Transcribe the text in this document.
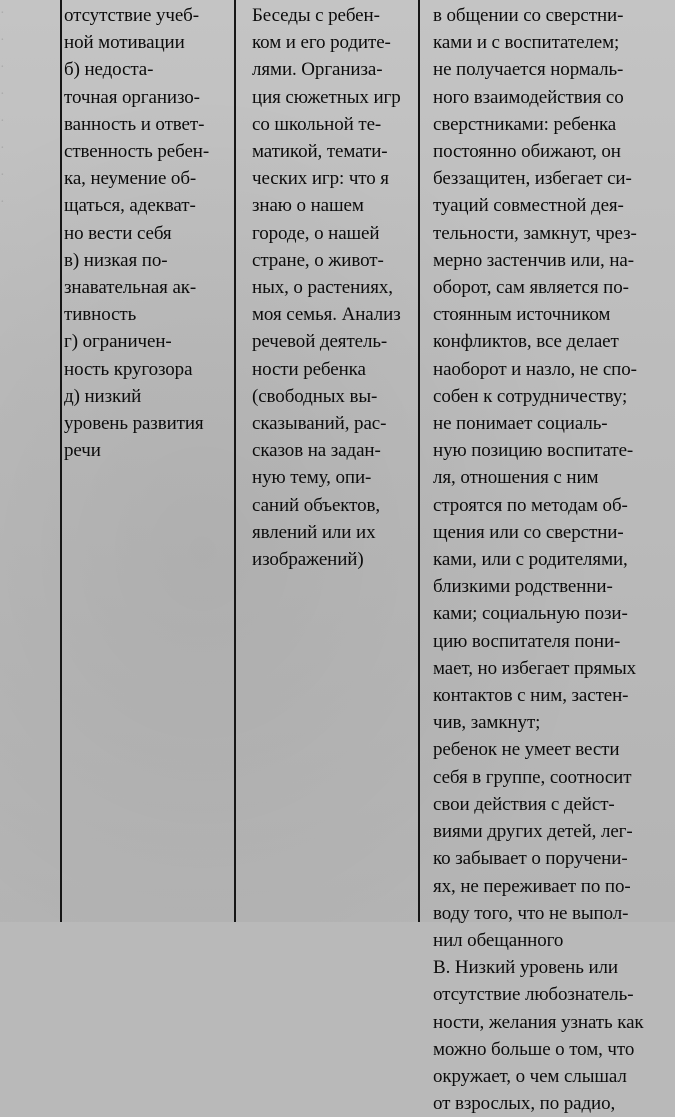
·
·
·
·
·
·
·
·

отсутствие учеб-

ной мотивации

б) недоста-

точная организо-

ванность и ответ-

ственность ребен-

ка, неумение об-

щаться, адекват-

но вести себя

в) низкая по-

знавательная ак-

тивность

г) ограничен-

ность кругозора

д) низкий

уровень развития

речи

Беседы с ребен-

ком и его родите-

лями. Организа-

ция сюжетных игр

со школьной те-

матикой, темати-

ческих игр: что я

знаю о нашем

городе, о нашей

стране, о живот-

ных, о растениях,

моя семья. Анализ

речевой деятель-

ности ребенка

(свободных вы-

сказываний, рас-

сказов на задан-

ную тему, опи-

саний объектов,

явлений или их

изображений)

в общении со сверстни-

ками и с воспитателем;

не получается нормаль-

ного взаимодействия со

сверстниками: ребенка

постоянно обижают, он

беззащитен, избегает си-

туаций совместной дея-

тельности, замкнут, чрез-

мерно застенчив или, на-

оборот, сам является по-

стоянным источником

конфликтов, все делает

наоборот и назло, не спо-

собен к сотрудничеству;

не понимает социаль-

ную позицию воспитате-

ля, отношения с ним

строятся по методам об-

щения или со сверстни-

ками, или с родителями,

близкими родственни-

ками; социальную пози-

цию воспитателя пони-

мает, но избегает прямых

контактов с ним, застен-

чив, замкнут;

ребенок не умеет вести

себя в группе, соотносит

свои действия с дейст-

виями других детей, лег-

ко забывает о поручени-

ях, не переживает по по-

воду того, что не выпол-

нил обещанного

В. Низкий уровень или

отсутствие любознатель-

ности, желания узнать как

можно больше о том, что

окружает, о чем слышал

от взрослых, по радио,
